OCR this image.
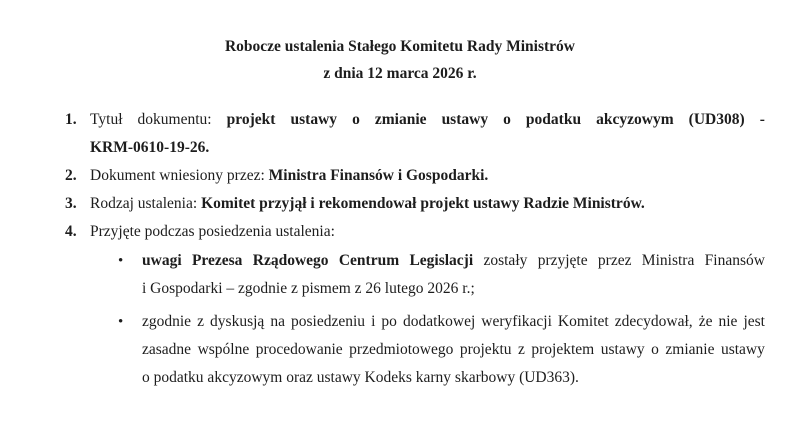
Robocze ustalenia Stałego Komitetu Rady Ministrów
z dnia 12 marca 2026 r.
1. Tytuł dokumentu: projekt ustawy o zmianie ustawy o podatku akcyzowym (UD308) -
KRM-0610-19-26.
2. Dokument wniesiony przez: Ministra Finansów i Gospodarki.
3. Rodzaj ustalenia: Komitet przyjął i rekomendował projekt ustawy Radzie Ministrów.
4. Przyjęte podczas posiedzenia ustalenia:
•	uwagi Prezesa Rządowego Centrum Legislacji zostały przyjęte przez Ministra Finansów
i Gospodarki – zgodnie z pismem z 26 lutego 2026 r.;
•	zgodnie z dyskusją na posiedzeniu i po dodatkowej weryfikacji Komitet zdecydował, że nie jest
zasadne wspólne procedowanie przedmiotowego projektu z projektem ustawy o zmianie ustawy
o podatku akcyzowym oraz ustawy Kodeks karny skarbowy (UD363).
